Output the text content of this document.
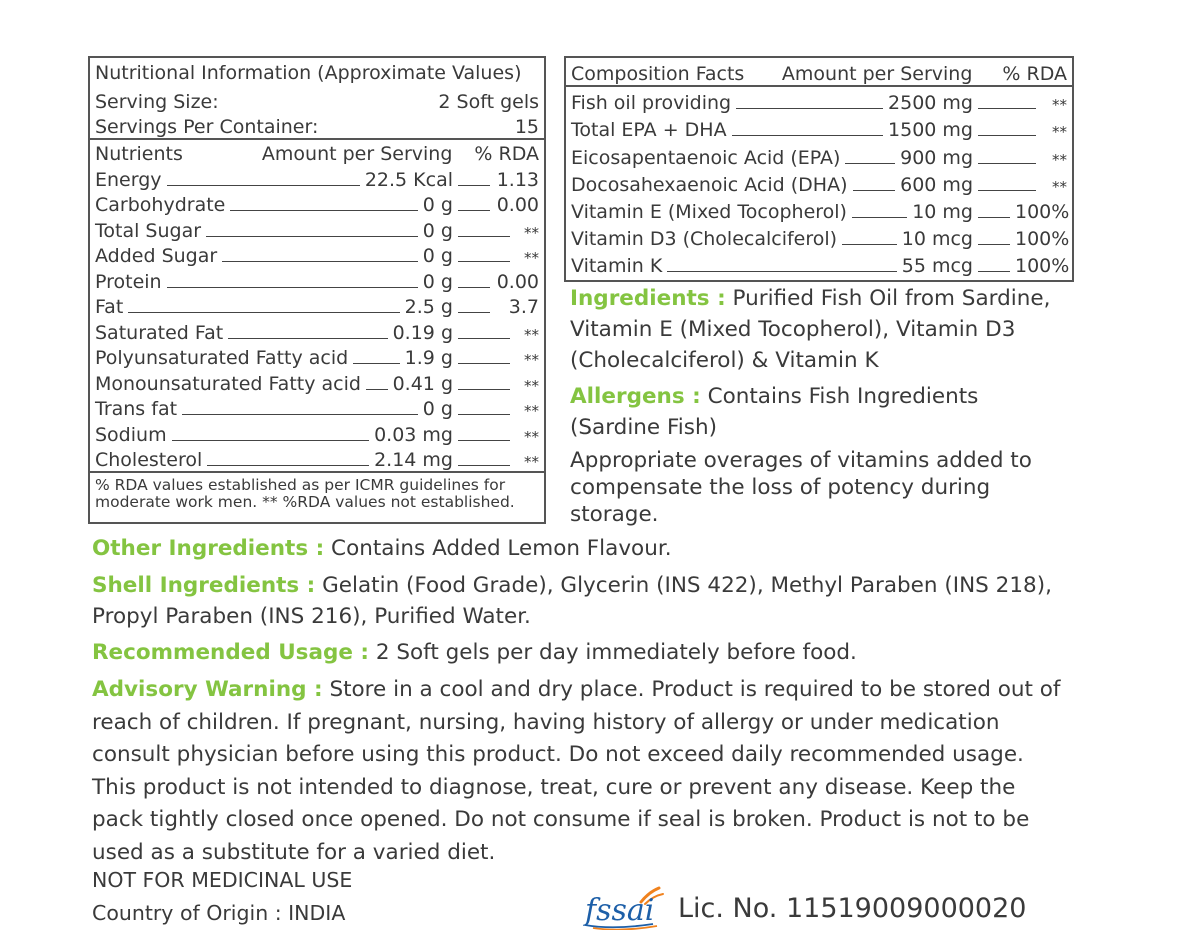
Nutritional Information (Approximate Values)
Serving Size:	2 Soft gels
Servings Per Container:	15
Nutrients	Amount per Serving % RDA
Energy	22.5 Kcal 1.13
Carbohydrate	0 g 0.00
Total Sugar	0 g	**
Added Sugar	0 g	**
Protein	0 g 0.00
Fat	2.5 g	3.7
Saturated Fat	0.19 g	**
Polyunsaturated Fatty acid	1.9 g	**
Monounsaturated Fatty acid 0.41 g	**
Trans fat	0 g	**
Sodium	0.03 mg	**
Cholesterol	2.14 mg	**
% RDA values established as per ICMR guidelines for moderate work men. ** %RDA values not established.
Composition Facts Amount per Serving % RDA
Fish oil providing	2500 mg	**
Total EPA + DHA	1500 mg	**
Eicosapentaenoic Acid (EPA)	900 mg	**
Docosahexaenoic Acid (DHA)	600 mg	**
Vitamin E (Mixed Tocopherol)	10 mg 100%
Vitamin D3 (Cholecalciferol)	10 mcg 100%
Vitamin K	55 mcg 100%
Ingredients : Purified Fish Oil from Sardine, Vitamin E (Mixed Tocopherol), Vitamin D3 (Cholecalciferol) & Vitamin K
Allergens : Contains Fish Ingredients (Sardine Fish)
Appropriate overages of vitamins added to compensate the loss of potency during storage.
Other Ingredients : Contains Added Lemon Flavour.
Shell Ingredients : Gelatin (Food Grade), Glycerin (INS 422), Methyl Paraben (INS 218), Propyl Paraben (INS 216), Purified Water.
Recommended Usage : 2 Soft gels per day immediately before food.
Advisory Warning : Store in a cool and dry place. Product is required to be stored out of reach of children. If pregnant, nursing, having history of allergy or under medication consult physician before using this product. Do not exceed daily recommended usage. This product is not intended to diagnose, treat, cure or prevent any disease. Keep the pack tightly closed once opened. Do not consume if seal is broken. Product is not to be used as a substitute for a varied diet.
NOT FOR MEDICINAL USE
Country of Origin : INDIA	fssai Lic. No. 11519009000020
